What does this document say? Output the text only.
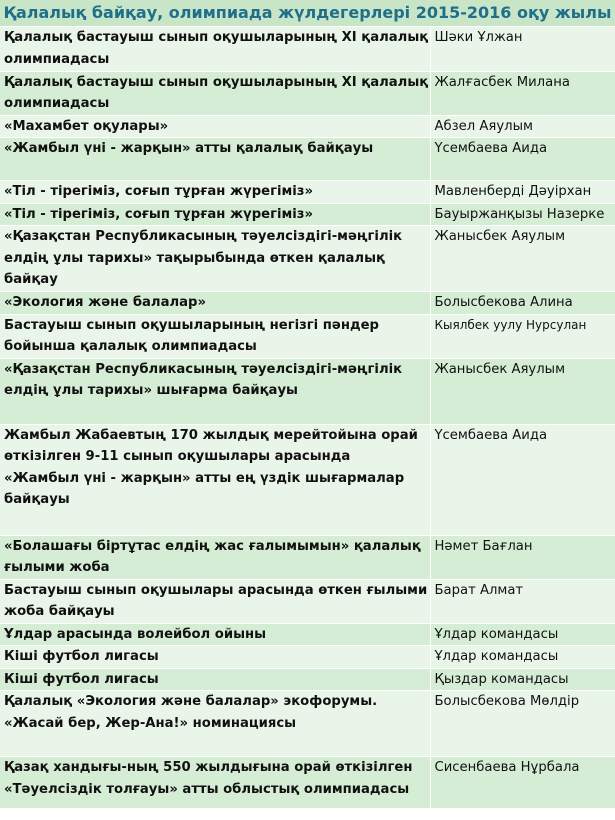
Қалалық байқау, олимпиада жүлдегерлері 2015-2016 оқу жылы
Қалалық бастауыш сынып оқушыларының XI қалалық олимпиадасы	Шәки Ұлжан
Қалалық бастауыш сынып оқушыларының XI қалалық олимпиадасы	Жалғасбек Милана
«Махамбет оқулары»	Абзел Аяулым
«Жамбыл үні - жарқын» атты қалалық байқауы	Үсембаева Аида
«Тіл - тірегіміз, соғып тұрған жүрегіміз»	Мавленберді Дәуірхан
«Тіл - тірегіміз, соғып тұрған жүрегіміз»	Бауыржанқызы Назерке
«Қазақстан Республикасының тәуелсіздігі-мәңгілік елдің ұлы тарихы» тақырыбында өткен қалалық байқау	Жанысбек Аяулым
«Экология және балалар»	Болысбекова Алина
Бастауыш сынып оқушыларының негізгі пәндер бойынша қалалық олимпиадасы	Кыялбек уулу Нурсулан
«Қазақстан Республикасының тәуелсіздігі-мәңгілік елдің ұлы тарихы» шығарма байқауы	Жанысбек Аяулым
Жамбыл Жабаевтың 170 жылдық мерейтойына орай өткізілген 9-11 сынып оқушылары арасында «Жамбыл үні - жарқын» атты ең үздік шығармалар байқауы	Үсембаева Аида
«Болашағы біртұтас елдің жас ғалымымын» қалалық ғылыми жоба	Нәмет Бағлан
Бастауыш сынып оқушылары арасында өткен ғылыми жоба байқауы	Барат Алмат
Ұлдар арасында волейбол ойыны	Ұлдар командасы
Кіші футбол лигасы	Ұлдар командасы
Кіші футбол лигасы	Қыздар командасы
Қалалық «Экология және балалар» экофорумы. «Жасай бер, Жер-Ана!» номинациясы	Болысбекова Мөлдір
Қазақ хандығы-ның 550 жылдығына орай өткізілген «Тәуелсіздік толғауы» атты облыстық олимпиадасы	Сисенбаева Нұрбала
